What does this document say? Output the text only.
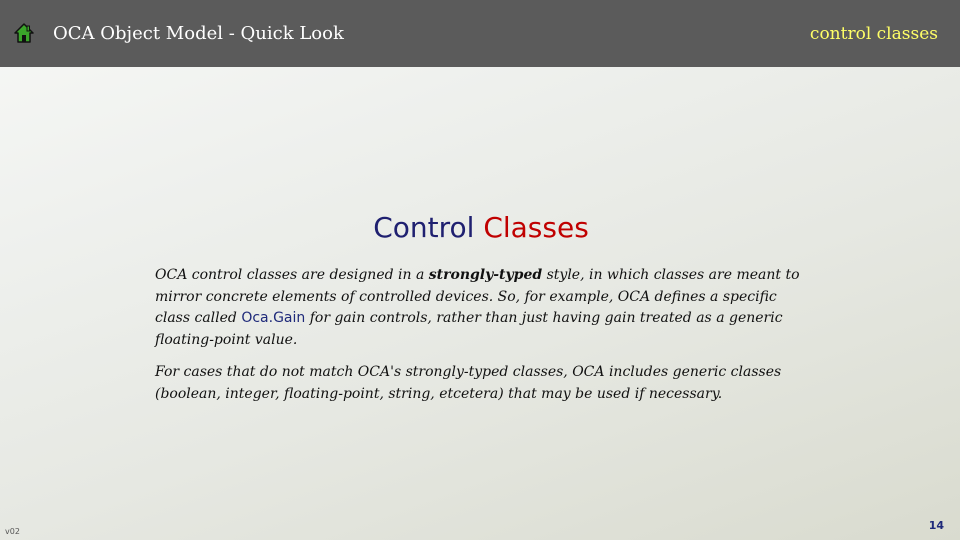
OCA Object Model - Quick Look	control classes
Control Classes

OCA control classes are designed in a strongly-typed style, in which classes are meant to mirror concrete elements of controlled devices. So, for example, OCA defines a specific class called Oca.Gain for gain controls, rather than just having gain treated as a generic floating-point value.

For cases that do not match OCA's strongly-typed classes, OCA includes generic classes (boolean, integer, floating-point, string, etcetera) that may be used if necessary.

v02	14
